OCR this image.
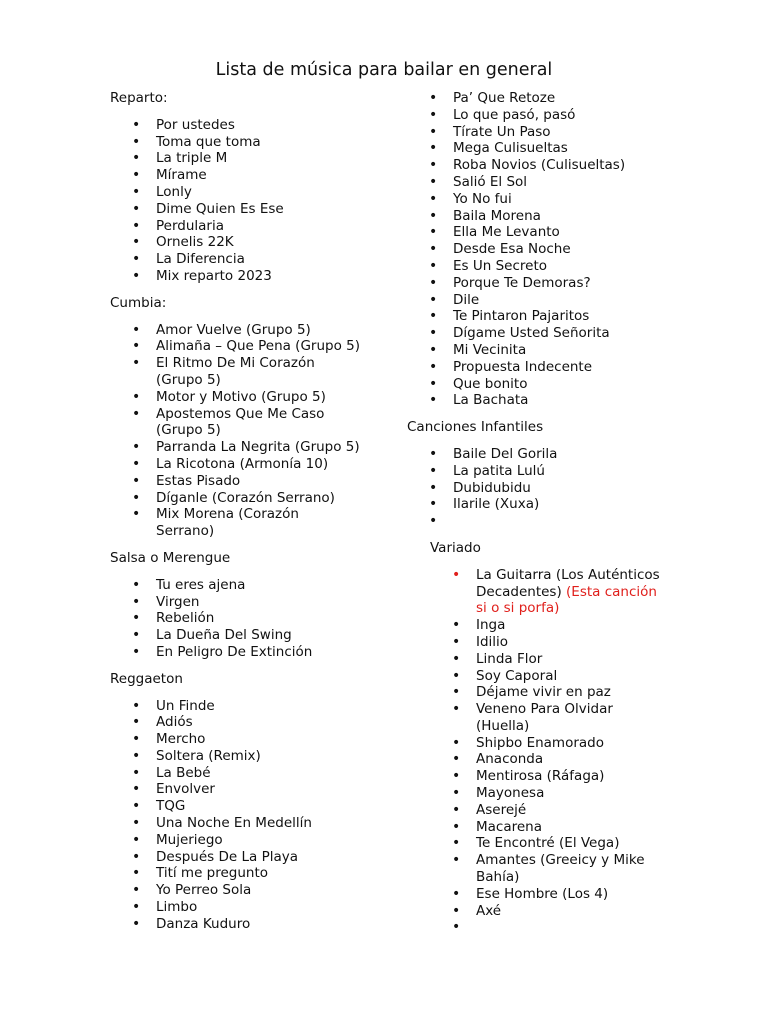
Lista de música para bailar en general
Reparto:
• Por ustedes
• Toma que toma
• La triple M
• Mírame
• Lonly
• Dime Quien Es Ese
• Perdularia
• Ornelis 22K
• La Diferencia
• Mix reparto 2023
Cumbia:
• Amor Vuelve (Grupo 5)
• Alimaña – Que Pena (Grupo 5)
• El Ritmo De Mi Corazón (Grupo 5)
• Motor y Motivo (Grupo 5)
• Apostemos Que Me Caso (Grupo 5)
• Parranda La Negrita (Grupo 5)
• La Ricotona (Armonía 10)
• Estas Pisado
• Díganle (Corazón Serrano)
• Mix Morena (Corazón Serrano)
Salsa o Merengue
• Tu eres ajena
• Virgen
• Rebelión
• La Dueña Del Swing
• En Peligro De Extinción
Reggaeton
• Un Finde
• Adiós
• Mercho
• Soltera (Remix)
• La Bebé
• Envolver
• TQG
• Una Noche En Medellín
• Mujeriego
• Después De La Playa
• Tití me pregunto
• Yo Perreo Sola
• Limbo
• Danza Kuduro
• Pa’ Que Retoze
• Lo que pasó, pasó
• Tírate Un Paso
• Mega Culisueltas
• Roba Novios (Culisueltas)
• Salió El Sol
• Yo No fui
• Baila Morena
• Ella Me Levanto
• Desde Esa Noche
• Es Un Secreto
• Porque Te Demoras?
• Dile
• Te Pintaron Pajaritos
• Dígame Usted Señorita
• Mi Vecinita
• Propuesta Indecente
• Que bonito
• La Bachata
Canciones Infantiles
• Baile Del Gorila
• La patita Lulú
• Dubidubidu
• Ilarile (Xuxa)
•
Variado
• La Guitarra (Los Auténticos Decadentes) (Esta canción si o si porfa)
• Inga
• Idilio
• Linda Flor
• Soy Caporal
• Déjame vivir en paz
• Veneno Para Olvidar (Huella)
• Shipbo Enamorado
• Anaconda
• Mentirosa (Ráfaga)
• Mayonesa
• Aserejé
• Macarena
• Te Encontré (El Vega)
• Amantes (Greeicy y Mike Bahía)
• Ese Hombre (Los 4)
• Axé
•
